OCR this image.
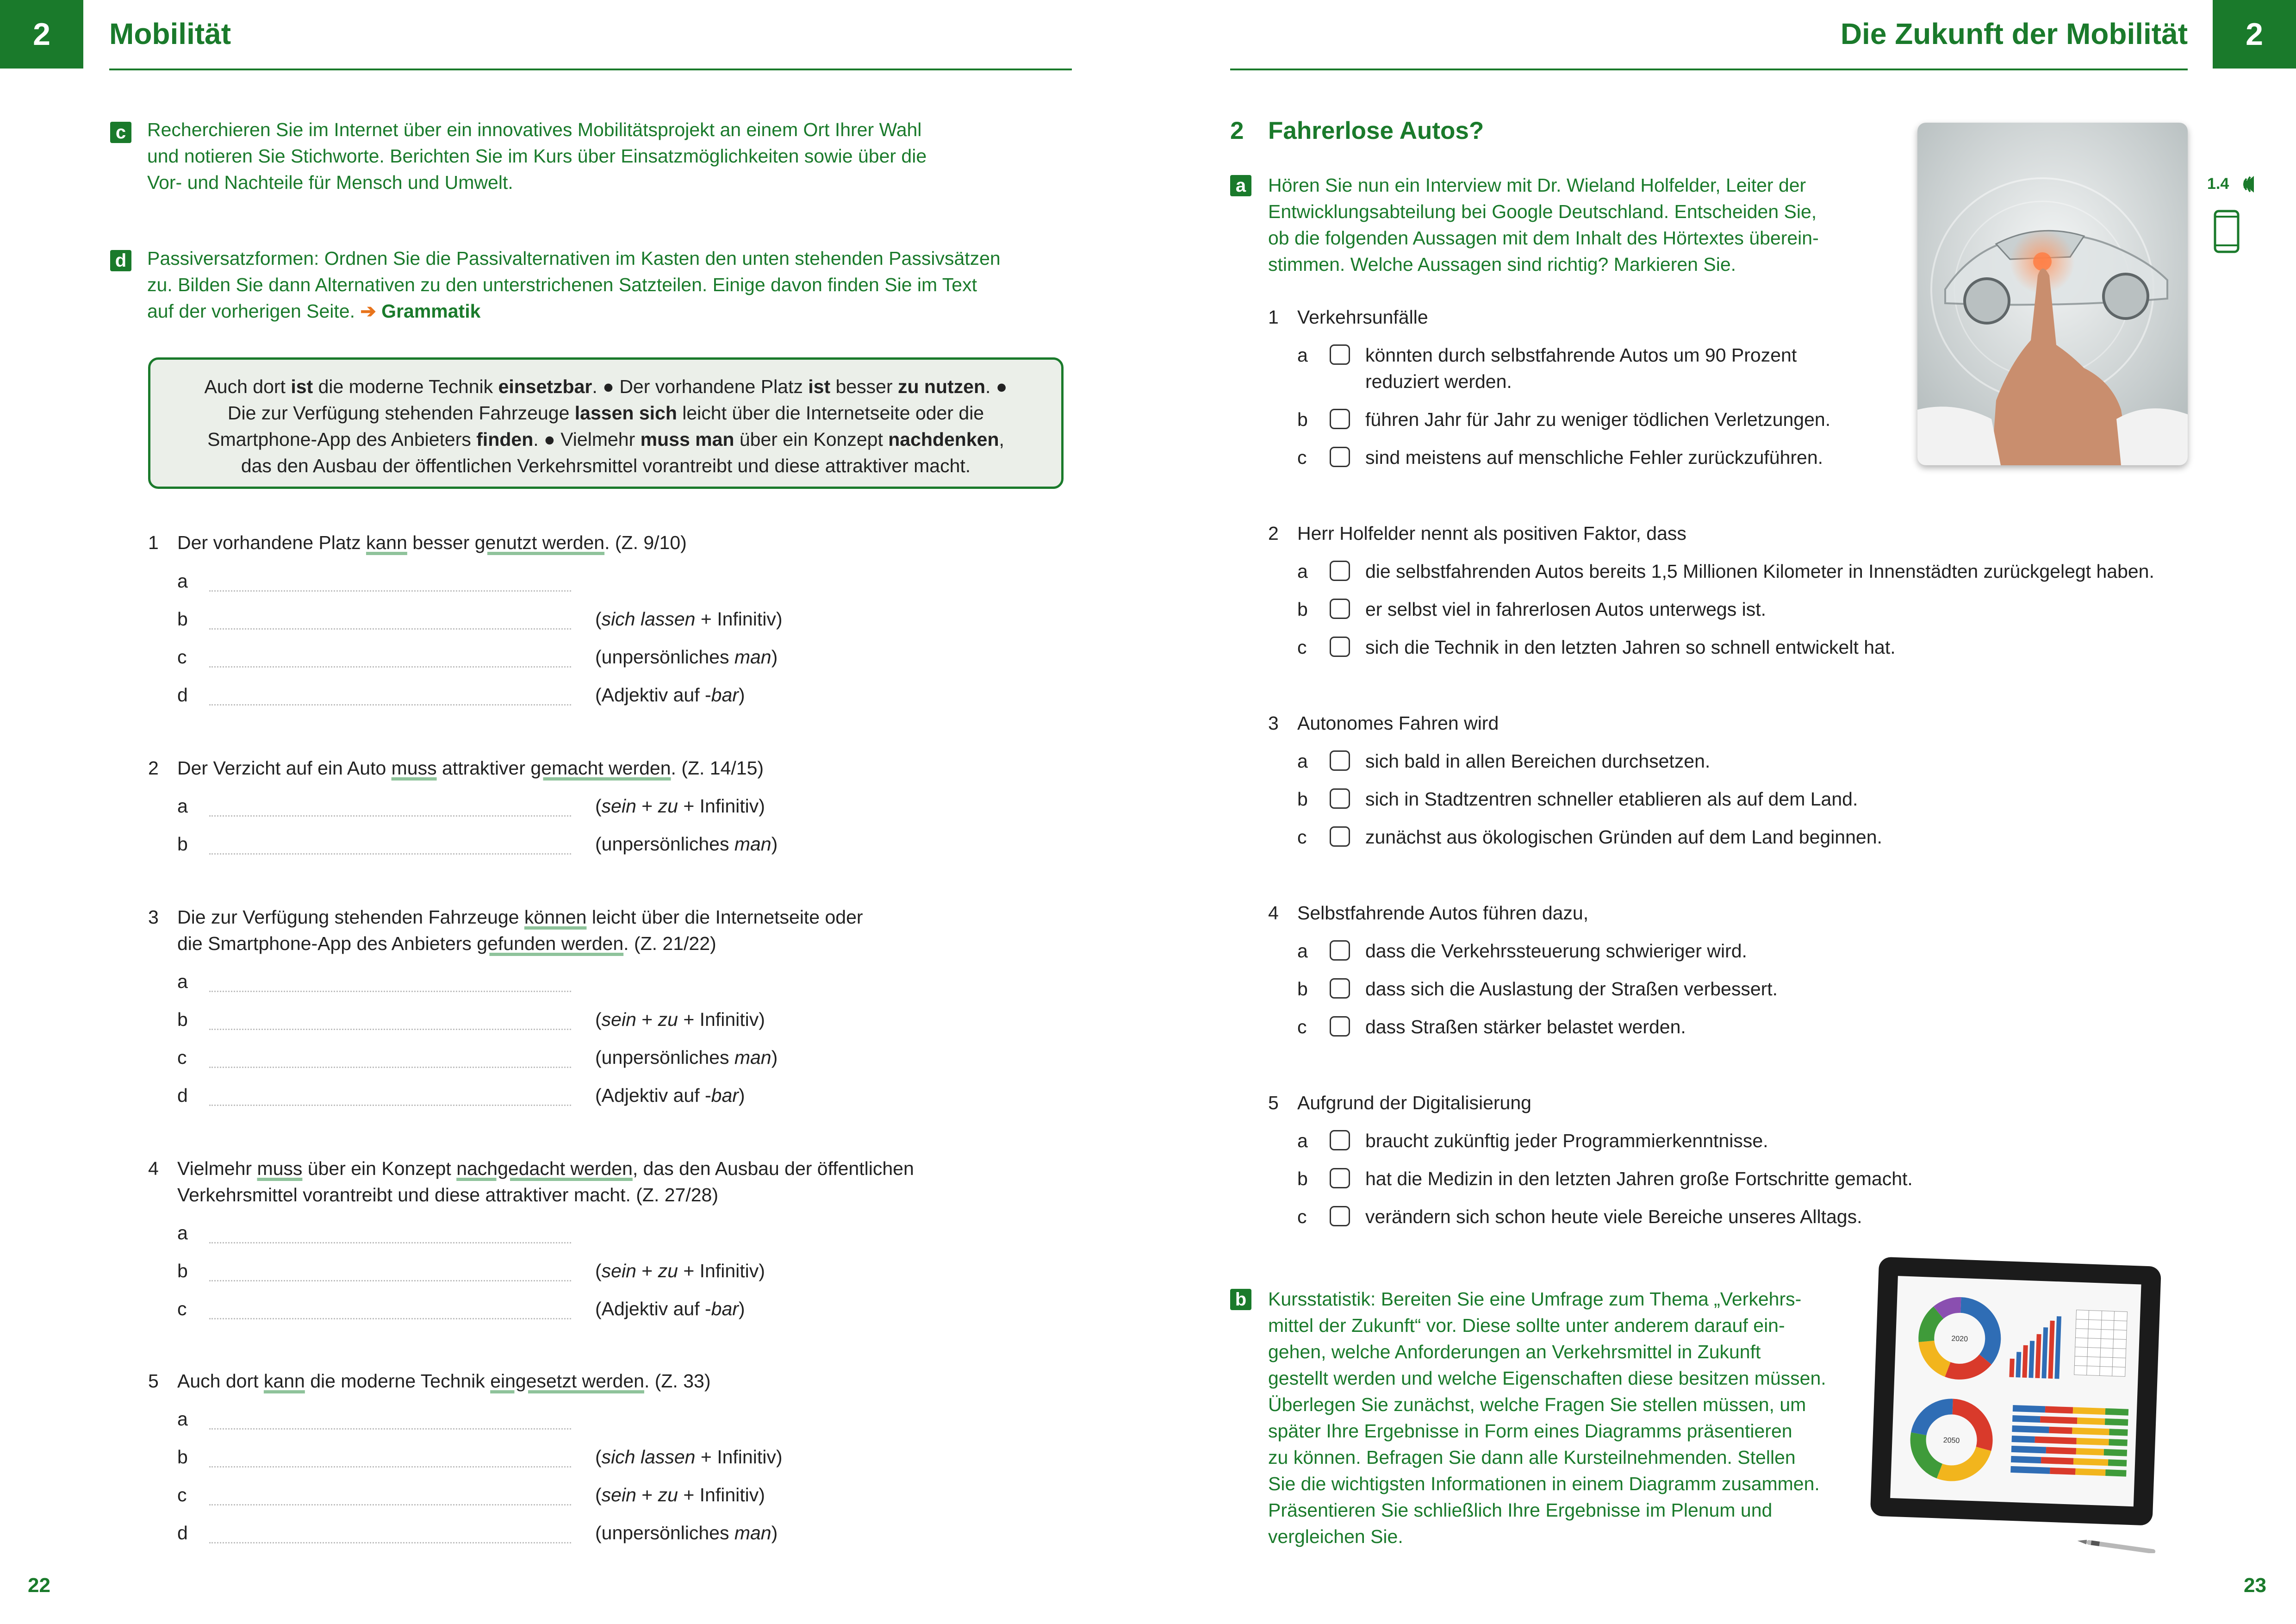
2	Mobilität	Die Zukunft der Mobilität	2
c Recherchieren Sie im Internet über ein innovatives Mobilitätsprojekt an einem Ort Ihrer Wahl
und notieren Sie Stichworte. Berichten Sie im Kurs über Einsatzmöglichkeiten sowie über die
Vor- und Nachteile für Mensch und Umwelt.
d Passiversatzformen: Ordnen Sie die Passivalternativen im Kasten den unten stehenden Passivsätzen
zu. Bilden Sie dann Alternativen zu den unterstrichenen Satzteilen. Einige davon finden Sie im Text
auf der vorherigen Seite. ➔ Grammatik
Auch dort ist die moderne Technik einsetzbar. ● Der vorhandene Platz ist besser zu nutzen. ●
Die zur Verfügung stehenden Fahrzeuge lassen sich leicht über die Internetseite oder die
Smartphone-App des Anbieters finden. ● Vielmehr muss man über ein Konzept nachdenken,
das den Ausbau der öffentlichen Verkehrsmittel vorantreibt und diese attraktiver macht.
1 Der vorhandene Platz kann besser genutzt werden. (Z. 9/10)
a
b	(sich lassen + Infinitiv)
c	(unpersönliches man)
d	(Adjektiv auf -bar)
2 Der Verzicht auf ein Auto muss attraktiver gemacht werden. (Z. 14/15)
a	(sein + zu + Infinitiv)
b	(unpersönliches man)
3 Die zur Verfügung stehenden Fahrzeuge können leicht über die Internetseite oder
die Smartphone-App des Anbieters gefunden werden. (Z. 21/22)
a
b	(sein + zu + Infinitiv)
c	(unpersönliches man)
d	(Adjektiv auf -bar)
4 Vielmehr muss über ein Konzept nachgedacht werden, das den Ausbau der öffentlichen
Verkehrsmittel vorantreibt und diese attraktiver macht. (Z. 27/28)
a
b	(sein + zu + Infinitiv)
c	(Adjektiv auf -bar)
5 Auch dort kann die moderne Technik eingesetzt werden. (Z. 33)
a
b	(sich lassen + Infinitiv)
c	(sein + zu + Infinitiv)
d	(unpersönliches man)
22
2 Fahrerlose Autos?
1.4
a Hören Sie nun ein Interview mit Dr. Wieland Holfelder, Leiter der
Entwicklungsabteilung bei Google Deutschland. Entscheiden Sie,
ob die folgenden Aussagen mit dem Inhalt des Hörtextes überein-
stimmen. Welche Aussagen sind richtig? Markieren Sie.
1 Verkehrsunfälle
a	könnten durch selbstfahrende Autos um 90 Prozent
reduziert werden.
b	führen Jahr für Jahr zu weniger tödlichen Verletzungen.
c	sind meistens auf menschliche Fehler zurückzuführen.
2 Herr Holfelder nennt als positiven Faktor, dass
a	die selbstfahrenden Autos bereits 1,5 Millionen Kilometer in Innenstädten zurückgelegt haben.
b	er selbst viel in fahrerlosen Autos unterwegs ist.
c	sich die Technik in den letzten Jahren so schnell entwickelt hat.
3 Autonomes Fahren wird
a	sich bald in allen Bereichen durchsetzen.
b	sich in Stadtzentren schneller etablieren als auf dem Land.
c	zunächst aus ökologischen Gründen auf dem Land beginnen.
4 Selbstfahrende Autos führen dazu,
a	dass die Verkehrssteuerung schwieriger wird.
b	dass sich die Auslastung der Straßen verbessert.
c	dass Straßen stärker belastet werden.
5 Aufgrund der Digitalisierung
a	braucht zukünftig jeder Programmierkenntnisse.
b	hat die Medizin in den letzten Jahren große Fortschritte gemacht.
c	verändern sich schon heute viele Bereiche unseres Alltags.
b Kursstatistik: Bereiten Sie eine Umfrage zum Thema „Verkehrs-
mittel der Zukunft“ vor. Diese sollte unter anderem darauf ein-
gehen, welche Anforderungen an Verkehrsmittel in Zukunft
gestellt werden und welche Eigenschaften diese besitzen müssen.
Überlegen Sie zunächst, welche Fragen Sie stellen müssen, um
später Ihre Ergebnisse in Form eines Diagramms präsentieren
zu können. Befragen Sie dann alle Kursteilnehmenden. Stellen
Sie die wichtigsten Informationen in einem Diagramm zusammen.
Präsentieren Sie schließlich Ihre Ergebnisse im Plenum und
vergleichen Sie.
2020
2050
23
